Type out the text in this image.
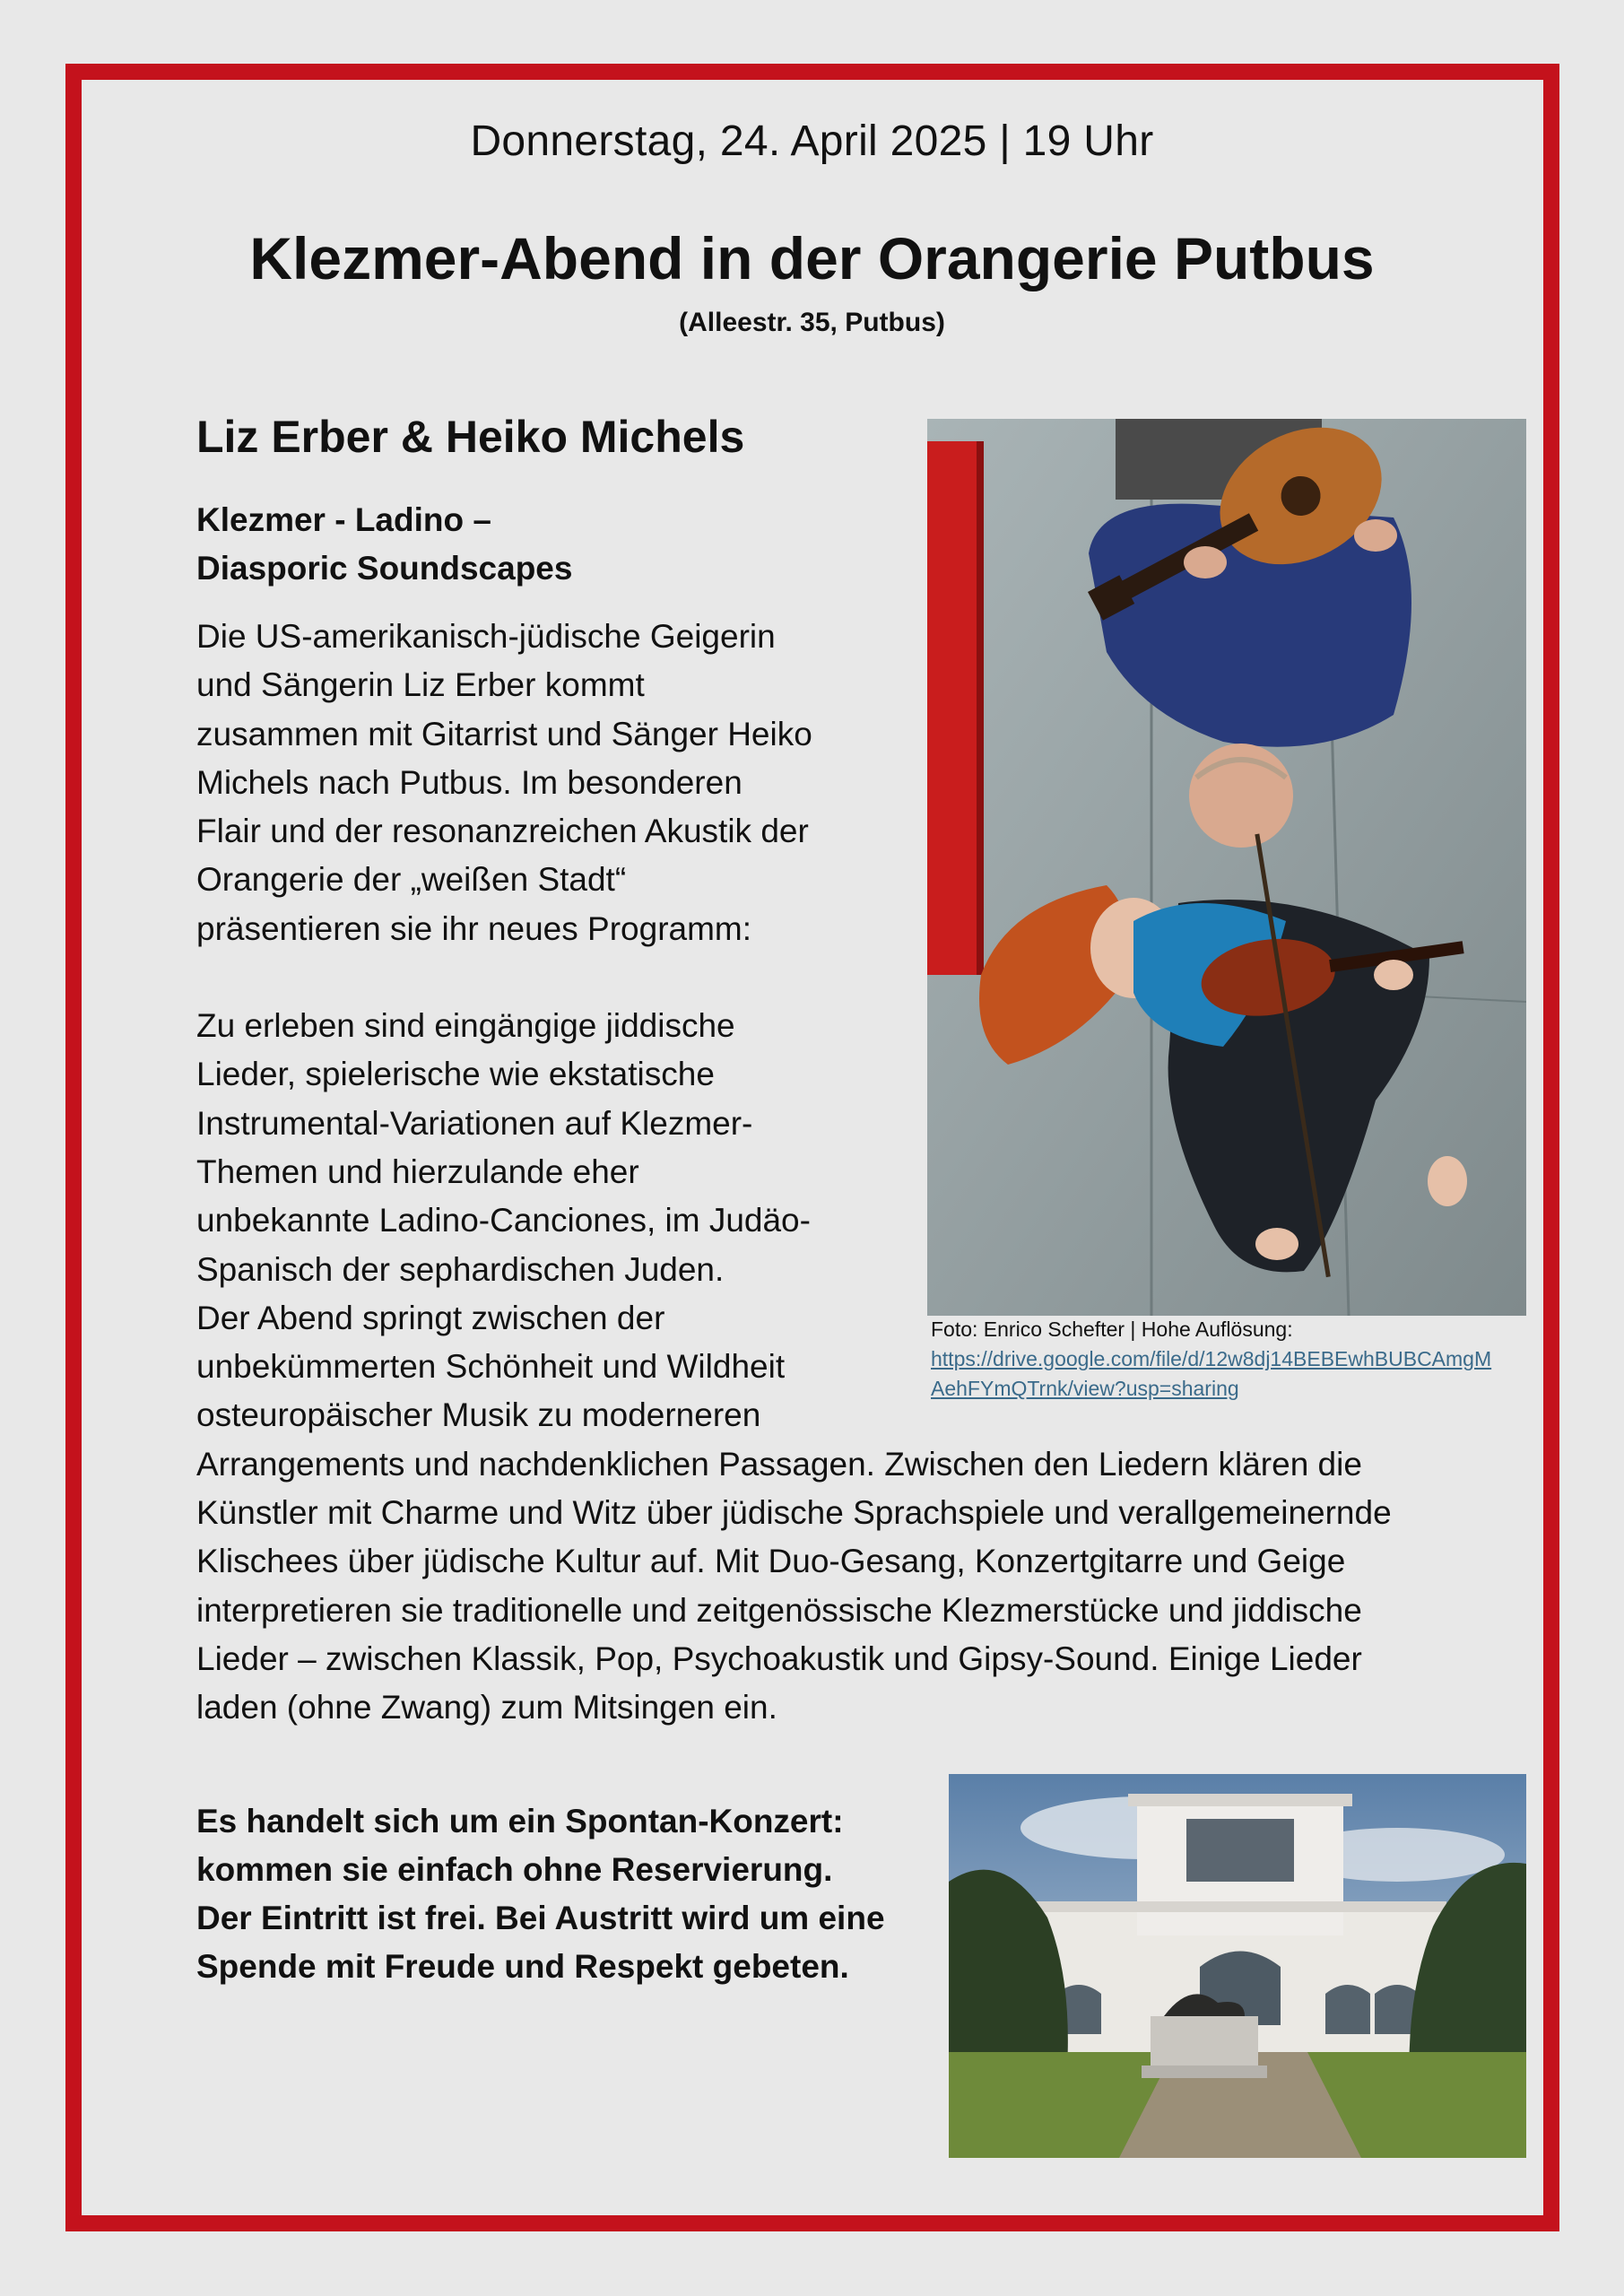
Donnerstag, 24. April 2025 | 19 Uhr
Klezmer-Abend in der Orangerie Putbus
(Alleestr. 35, Putbus)
Liz Erber & Heiko Michels
Klezmer - Ladino –
Diasporic Soundscapes

Die US-amerikanisch-jüdische Geigerin und Sängerin Liz Erber kommt zusammen mit Gitarrist und Sänger Heiko Michels nach Putbus. Im besonderen Flair und der resonanzreichen Akustik der Orangerie der „weißen Stadt“ präsentieren sie ihr neues Programm:

Zu erleben sind eingängige jiddische Lieder, spielerische wie ekstatische Instrumental-Variationen auf Klezmer-Themen und hierzulande eher unbekannte Ladino-Canciones, im Judäo-Spanisch der sephardischen Juden.

Der Abend springt zwischen der unbekümmerten Schönheit und Wildheit osteuropäischer Musik zu moderneren Arrangements und nachdenklichen Passagen. Zwischen den Liedern klären die Künstler mit Charme und Witz über jüdische Sprachspiele und verallgemeinernde Klischees über jüdische Kultur auf. Mit Duo-Gesang, Konzertgitarre und Geige interpretieren sie traditionelle und zeitgenössische Klezmerstücke und jiddische Lieder – zwischen Klassik, Pop, Psychoakustik und Gipsy-Sound. Einige Lieder laden (ohne Zwang) zum Mitsingen ein.

Foto: Enrico Schefter | Hohe Auflösung:
https://drive.google.com/file/d/12w8dj14BEBEwhBUBCAmgMAehFYmQTrnk/view?usp=sharing
Es handelt sich um ein Spontan-Konzert:
kommen sie einfach ohne Reservierung.
Der Eintritt ist frei. Bei Austritt wird um eine
Spende mit Freude und Respekt gebeten.
